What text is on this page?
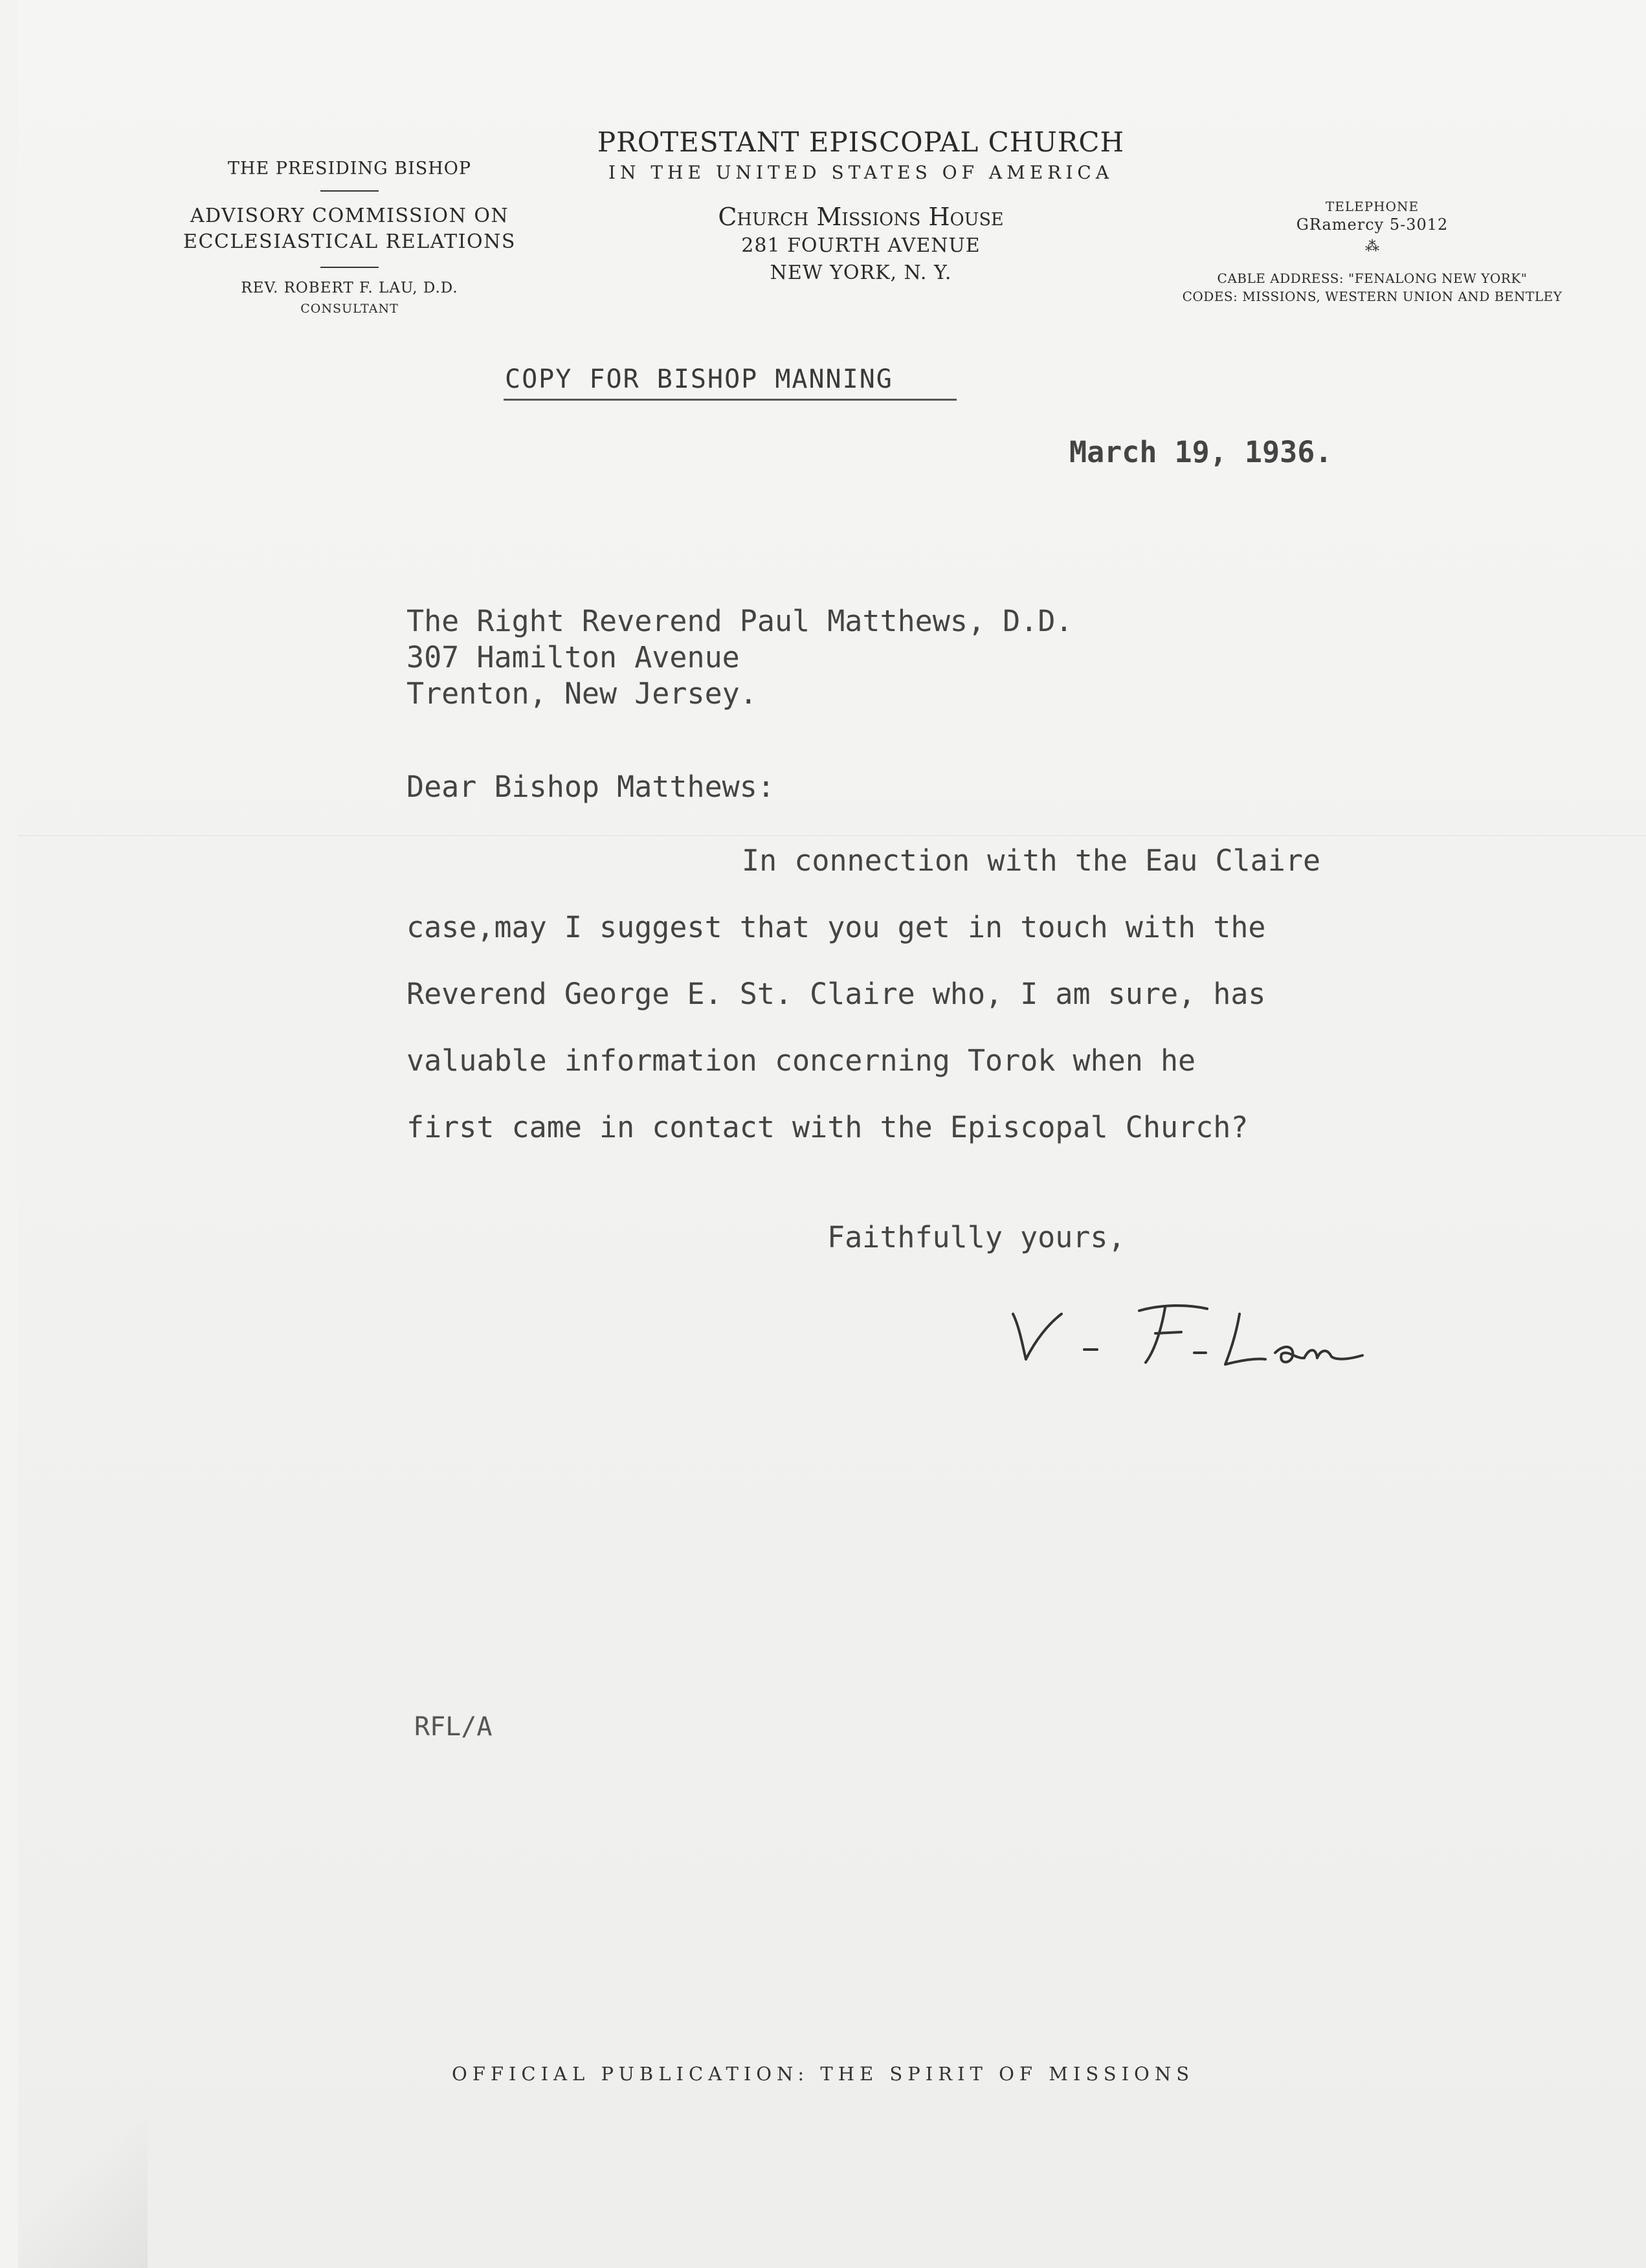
THE PRESIDING BISHOP
ADVISORY COMMISSION ON
ECCLESIASTICAL RELATIONS
REV. ROBERT F. LAU, D.D.
CONSULTANT
PROTESTANT EPISCOPAL CHURCH
IN THE UNITED STATES OF AMERICA
Church Missions House
281 FOURTH AVENUE
NEW YORK, N. Y.
TELEPHONE
GRamercy 5-3012
⁂
CABLE ADDRESS: "FENALONG NEW YORK"
CODES: MISSIONS, WESTERN UNION AND BENTLEY
COPY FOR BISHOP MANNING
March 19, 1936.
The Right Reverend Paul Matthews, D.D.
307 Hamilton Avenue
Trenton, New Jersey.
Dear Bishop Matthews:
In connection with the Eau Claire
case,may I suggest that you get in touch with the
Reverend George E. St. Claire who, I am sure, has
valuable information concerning Torok when he
first came in contact with the Episcopal Church?
Faithfully yours,
RFL/A
OFFICIAL PUBLICATION: THE SPIRIT OF MISSIONS
